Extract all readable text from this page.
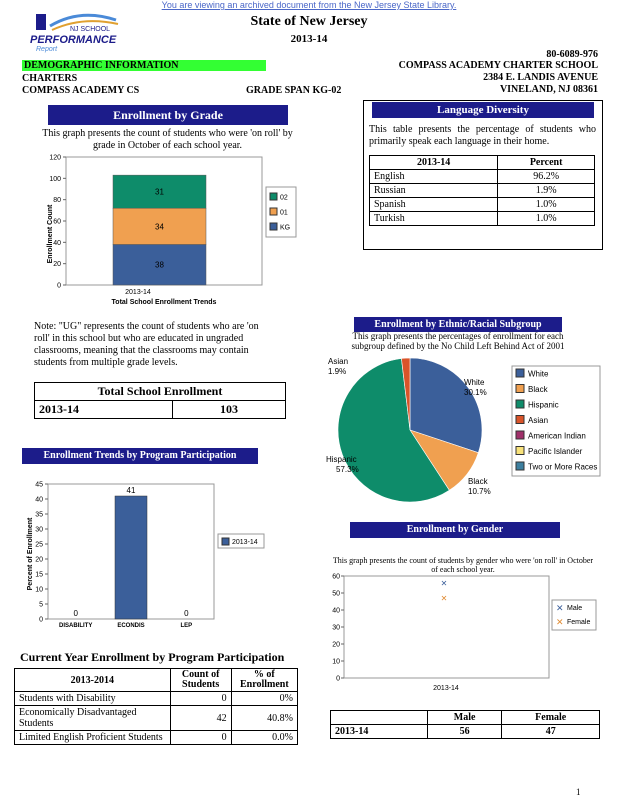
You are viewing an archived document from the New Jersey State Library.
NJ SCHOOL
PERFORMANCE
Report
State of New Jersey
2013-14
80-6089-976
COMPASS ACADEMY CHARTER SCHOOL
2384 E. LANDIS AVENUE
VINELAND, NJ 08361
DEMOGRAPHIC INFORMATION
CHARTERS
COMPASS ACADEMY CS	GRADE SPAN KG-02
Enrollment by Grade
This graph presents the count of students who were 'on roll' by grade in October of each school year.
Enrollment Count
0
20
40
60
80
100
120
38
34
31
2013-14
Total School Enrollment Trends
02
01
KG
Note: "UG" represents the count of students who are 'on roll' in this school but who are educated in ungraded classrooms, meaning that the classrooms may contain students from multiple grade levels.
Total School Enrollment
2013-14	103
Enrollment Trends by Program Participation
Percent of Enrollment
0
5
10
15
20
25
30
35
40
45
0
DISABILITY
41
ECONDIS
0
LEP
2013-14
Current Year Enrollment by Program Participation
2013-2014	Count of Students	% of Enrollment
Students with Disability	0	0%
Economically Disadvantaged Students	42	40.8%
Limited English Proficient Students	0	0.0%
Language Diversity
This table presents the percentage of students who primarily speak each language in their home.
2013-14	Percent
English	96.2%
Russian	1.9%
Spanish	1.0%
Turkish	1.0%
Enrollment by Ethnic/Racial Subgroup
This graph presents the percentages of enrollment for each subgroup defined by the No Child Left Behind Act of 2001
Asian
1.9%
White
30.1%
Hispanic
57.3%
Black
10.7%
White
Black
Hispanic
Asian
American Indian
Pacific Islander
Two or More Races
Enrollment by Gender
This graph presents the count of students by gender who were 'on roll' in October of each school year.
0
10
20
30
40
50
60
✕
✕
2013-14
✕ Male
✕ Female
	Male	Female
2013-14	56	47
1
